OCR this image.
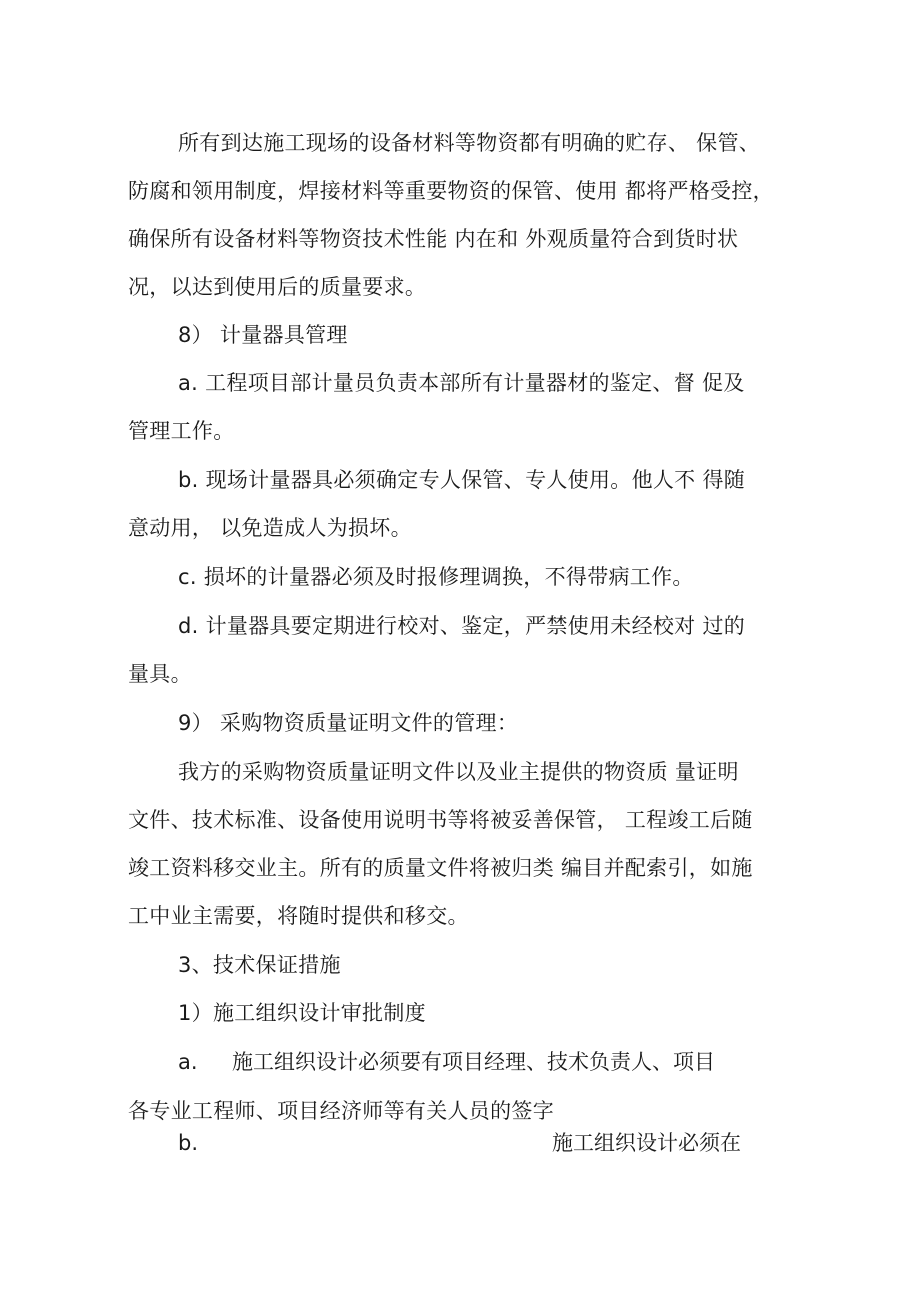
所有到达施工现场的设备材料等物资都有明确的贮存、 保管、
防腐和领用制度，焊接材料等重要物资的保管、使用 都将严格受控，
确保所有设备材料等物资技术性能 内在和 外观质量符合到货时状
况，以达到使用后的质量要求。
8） 计量器具管理
a. 工程项目部计量员负责本部所有计量器材的鉴定、督 促及
管理工作。
b. 现场计量器具必须确定专人保管、专人使用。他人不 得随
意动用， 以免造成人为损坏。
c. 损坏的计量器必须及时报修理调换，不得带病工作。
d. 计量器具要定期进行校对、鉴定，严禁使用未经校对 过的
量具。
9） 采购物资质量证明文件的管理：
我方的采购物资质量证明文件以及业主提供的物资质 量证明
文件、技术标准、设备使用说明书等将被妥善保管， 工程竣工后随
竣工资料移交业主。所有的质量文件将被归类 编目并配索引，如施
工中业主需要，将随时提供和移交。
3、技术保证措施
1）施工组织设计审批制度
a. 施工组织设计必须要有项目经理、技术负责人、项目
各专业工程师、项目经济师等有关人员的签字
b.	施工组织设计必须在
